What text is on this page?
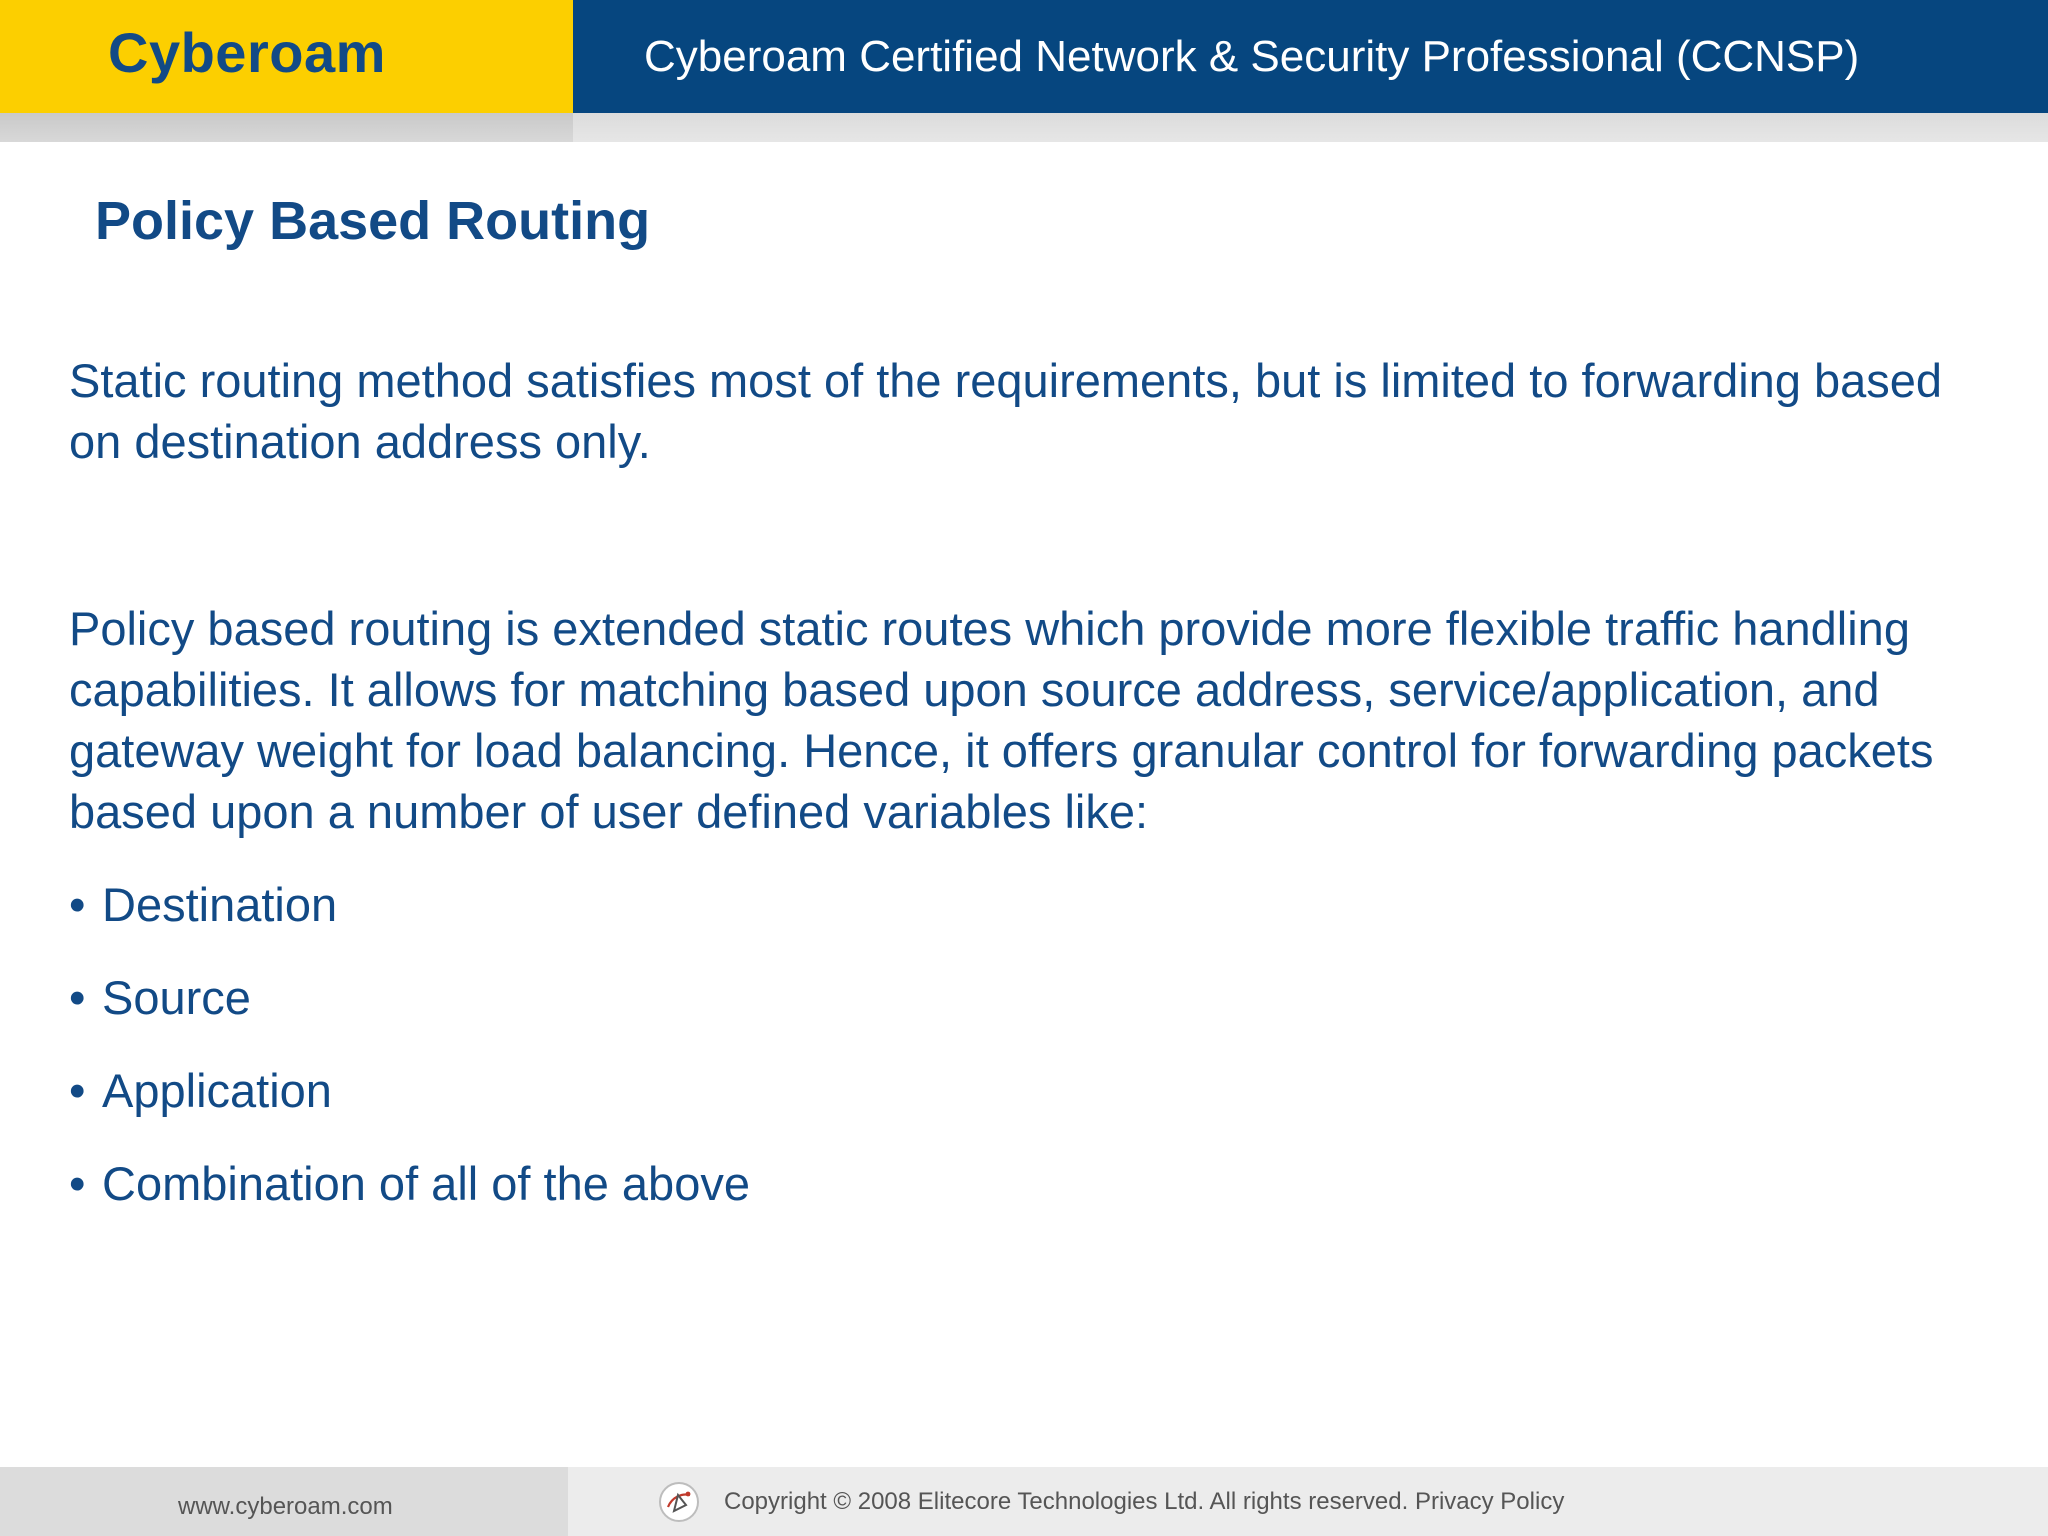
Cyberoam	Cyberoam Certified Network & Security Professional (CCNSP)
Policy Based Routing

Static routing method satisfies most of the requirements, but is limited to forwarding based on destination address only.

Policy based routing is extended static routes which provide more flexible traffic handling capabilities. It allows for matching based upon source address, service/application, and gateway weight for load balancing. Hence, it offers granular control for forwarding packets based upon a number of user defined variables like:

• Destination
• Source
• Application
• Combination of all of the above
www.cyberoam.com	Copyright © 2008 Elitecore Technologies Ltd. All rights reserved. Privacy Policy
